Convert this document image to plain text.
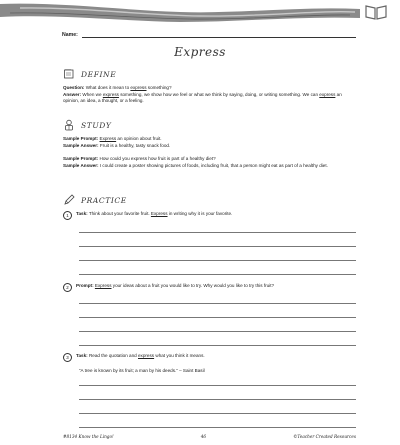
Name:
Express
DEFINE
Question: What does it mean to express something?
Answer: When we express something, we show how we feel or what we think by saying, doing, or writing something. We can express an opinion, an idea, a thought, or a feeling.
STUDY
Sample Prompt: Express an opinion about fruit.
Sample Answer: Fruit is a healthy, tasty snack food.
Sample Prompt: How could you express how fruit is part of a healthy diet?
Sample Answer: I could create a poster showing pictures of foods, including fruit, that a person might eat as part of a healthy diet.
PRACTICE
1	Task: Think about your favorite fruit. Express in writing why it is your favorite.
2	Prompt: Express your ideas about a fruit you would like to try. Why would you like to try this fruit?
3	Task: Read the quotation and express what you think it means.
“A tree is known by its fruit; a man by his deeds.” – Saint Basil
#8134 Know the Lingo!	46	©Teacher Created Resources
